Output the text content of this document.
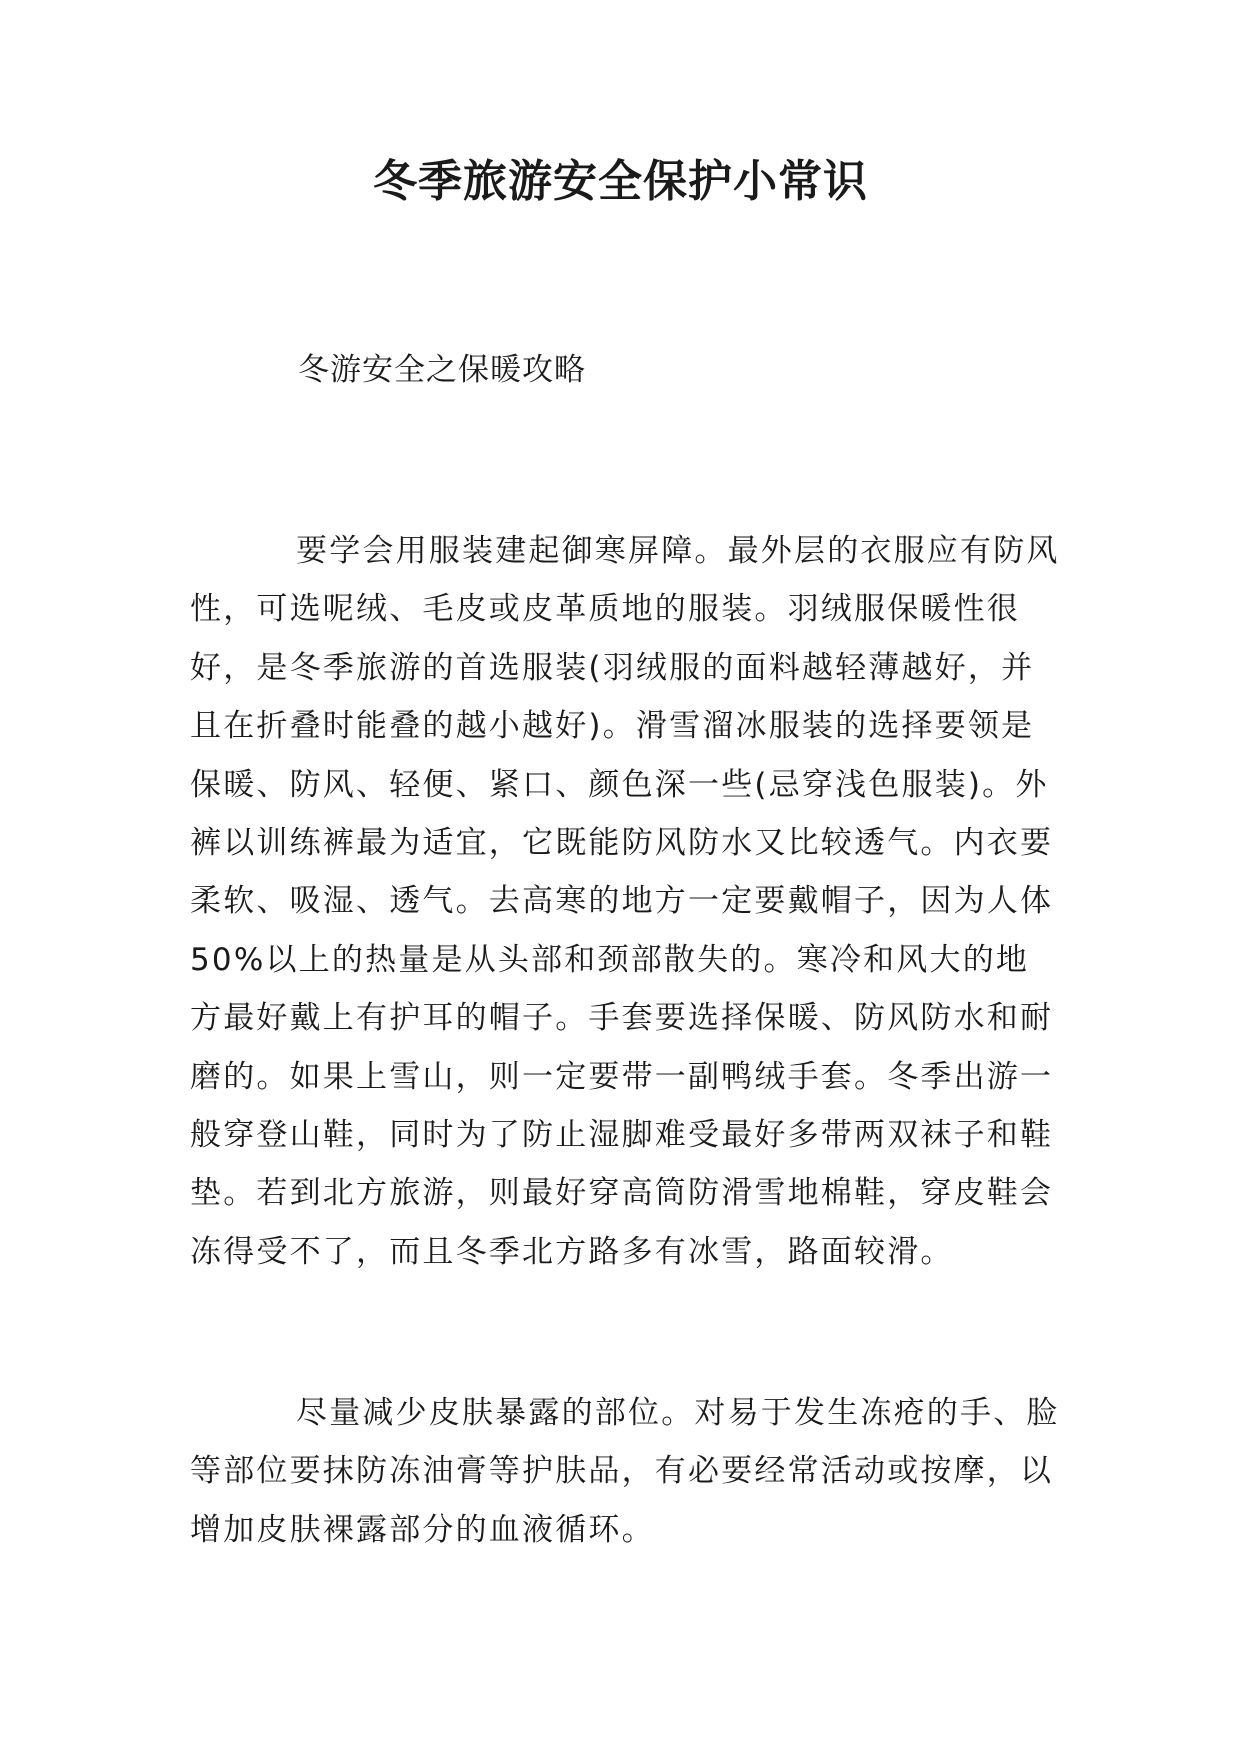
冬季旅游安全保护小常识

冬游安全之保暖攻略

要学会用服装建起御寒屏障。最外层的衣服应有防风性，可选呢绒、毛皮或皮革质地的服装。羽绒服保暖性很好，是冬季旅游的首选服装(羽绒服的面料越轻薄越好，并且在折叠时能叠的越小越好)。滑雪溜冰服装的选择要领是保暖、防风、轻便、紧口、颜色深一些(忌穿浅色服装)。外裤以训练裤最为适宜，它既能防风防水又比较透气。内衣要柔软、吸湿、透气。去高寒的地方一定要戴帽子，因为人体50%以上的热量是从头部和颈部散失的。寒冷和风大的地方最好戴上有护耳的帽子。手套要选择保暖、防风防水和耐磨的。如果上雪山，则一定要带一副鸭绒手套。冬季出游一般穿登山鞋，同时为了防止湿脚难受最好多带两双袜子和鞋垫。若到北方旅游，则最好穿高筒防滑雪地棉鞋，穿皮鞋会冻得受不了，而且冬季北方路多有冰雪，路面较滑。

尽量减少皮肤暴露的部位。对易于发生冻疮的手、脸等部位要抹防冻油膏等护肤品，有必要经常活动或按摩，以增加皮肤裸露部分的血液循环。
